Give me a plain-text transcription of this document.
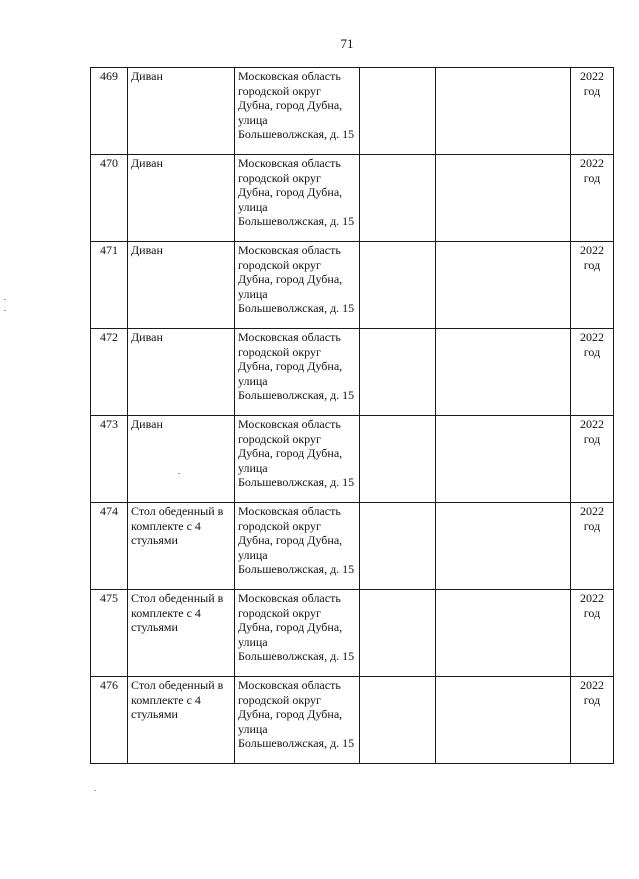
71
469	Диван	Московская область городской округ Дубна, город Дубна, улица Большеволжская, д. 15			2022 год
470	Диван	Московская область городской округ Дубна, город Дубна, улица Большеволжская, д. 15			2022 год
471	Диван	Московская область городской округ Дубна, город Дубна, улица Большеволжская, д. 15			2022 год
472	Диван	Московская область городской округ Дубна, город Дубна, улица Большеволжская, д. 15			2022 год
473	Диван	Московская область городской округ Дубна, город Дубна, улица Большеволжская, д. 15			2022 год
474	Стол обеденный в комплекте с 4 стульями	Московская область городской округ Дубна, город Дубна, улица Большеволжская, д. 15			2022 год
475	Стол обеденный в комплекте с 4 стульями	Московская область городской округ Дубна, город Дубна, улица Большеволжская, д. 15			2022 год
476	Стол обеденный в комплекте с 4 стульями	Московская область городской округ Дубна, город Дубна, улица Большеволжская, д. 15			2022 год
